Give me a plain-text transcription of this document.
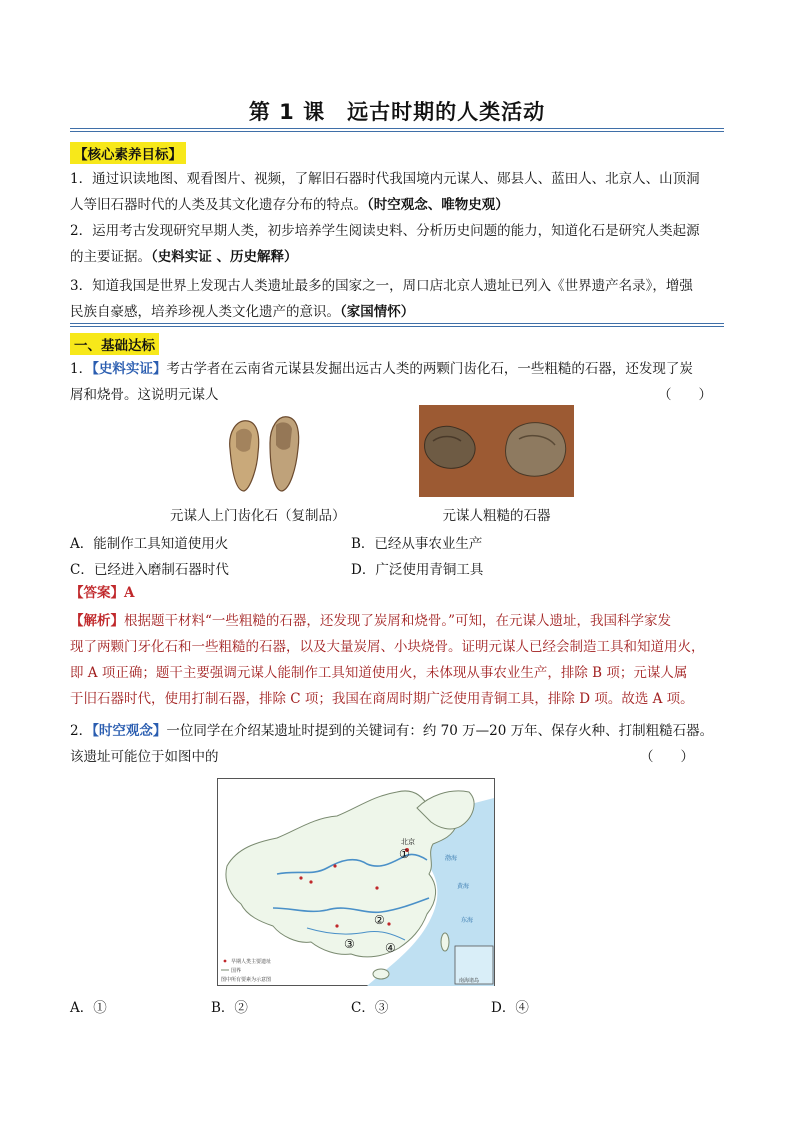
第 1 课　远古时期的人类活动
【核心素养目标】
1．通过识读地图、观看图片、视频，了解旧石器时代我国境内元谋人、郧县人、蓝田人、北京人、山顶洞
人等旧石器时代的人类及其文化遗存分布的特点。（时空观念、唯物史观）
2．运用考古发现研究早期人类，初步培养学生阅读史料、分析历史问题的能力，知道化石是研究人类起源
的主要证据。（史料实证 、历史解释）
3．知道我国是世界上发现古人类遗址最多的国家之一，周口店北京人遗址已列入《世界遗产名录》，增强
民族自豪感，培养珍视人类文化遗产的意识。（家国情怀）
一、基础达标
1．【史料实证】考古学者在云南省元谋县发掘出远古人类的两颗门齿化石，一些粗糙的石器，还发现了炭
屑和烧骨。这说明元谋人	（　　）
元谋人上门齿化石（复制品）	元谋人粗糙的石器
A．能制作工具知道使用火	B．已经从事农业生产
C．已经进入磨制石器时代	D．广泛使用青铜工具
【答案】A
【解析】根据题干材料“一些粗糙的石器，还发现了炭屑和烧骨。”可知，在元谋人遗址，我国科学家发
现了两颗门牙化石和一些粗糙的石器，以及大量炭屑、小块烧骨。证明元谋人已经会制造工具和知道用火，
即 A 项正确；题干主要强调元谋人能制作工具知道使用火，未体现从事农业生产，排除 B 项；元谋人属
于旧石器时代，使用打制石器，排除 C 项；我国在商周时期广泛使用青铜工具，排除 D 项。故选 A 项。
2．【时空观念】一位同学在介绍某遗址时提到的关键词有：约 70 万—20 万年、保存火种、打制粗糙石器。
该遗址可能位于如图中的	（　　）
①
北京
②
③	④
渤海
黄海
东海
南海诸岛
早期人类主要遗址
国界
图中所有要素为示意图
A．①	B．②	C．③	D．④
